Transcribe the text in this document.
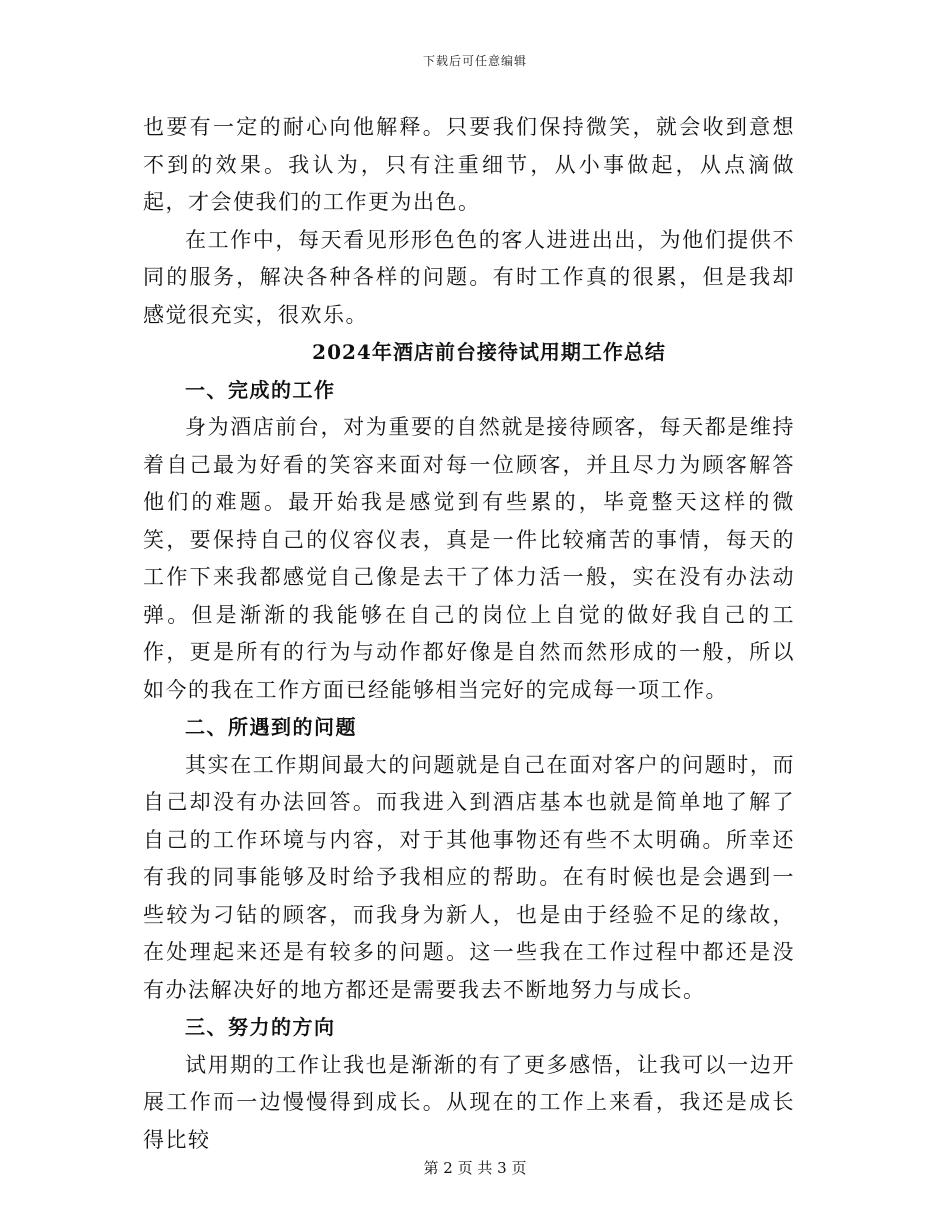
下载后可任意编辑

也要有一定的耐心向他解释。只要我们保持微笑，就会收到意想不到的效果。我认为，只有注重细节，从小事做起，从点滴做起，才会使我们的工作更为出色。

在工作中，每天看见形形色色的客人进进出出，为他们提供不同的服务，解决各种各样的问题。有时工作真的很累，但是我却感觉很充实，很欢乐。

2024年酒店前台接待试用期工作总结
一、完成的工作

身为酒店前台，对为重要的自然就是接待顾客，每天都是维持着自己最为好看的笑容来面对每一位顾客，并且尽力为顾客解答他们的难题。最开始我是感觉到有些累的，毕竟整天这样的微笑，要保持自己的仪容仪表，真是一件比较痛苦的事情，每天的工作下来我都感觉自己像是去干了体力活一般，实在没有办法动弹。但是渐渐的我能够在自己的岗位上自觉的做好我自己的工作，更是所有的行为与动作都好像是自然而然形成的一般，所以如今的我在工作方面已经能够相当完好的完成每一项工作。

二、所遇到的问题

其实在工作期间最大的问题就是自己在面对客户的问题时，而自己却没有办法回答。而我进入到酒店基本也就是简单地了解了自己的工作环境与内容，对于其他事物还有些不太明确。所幸还有我的同事能够及时给予我相应的帮助。在有时候也是会遇到一些较为刁钻的顾客，而我身为新人，也是由于经验不足的缘故，在处理起来还是有较多的问题。这一些我在工作过程中都还是没有办法解决好的地方都还是需要我去不断地努力与成长。

三、努力的方向

试用期的工作让我也是渐渐的有了更多感悟，让我可以一边开展工作而一边慢慢得到成长。从现在的工作上来看，我还是成长得比较

第 2 页 共 3 页
